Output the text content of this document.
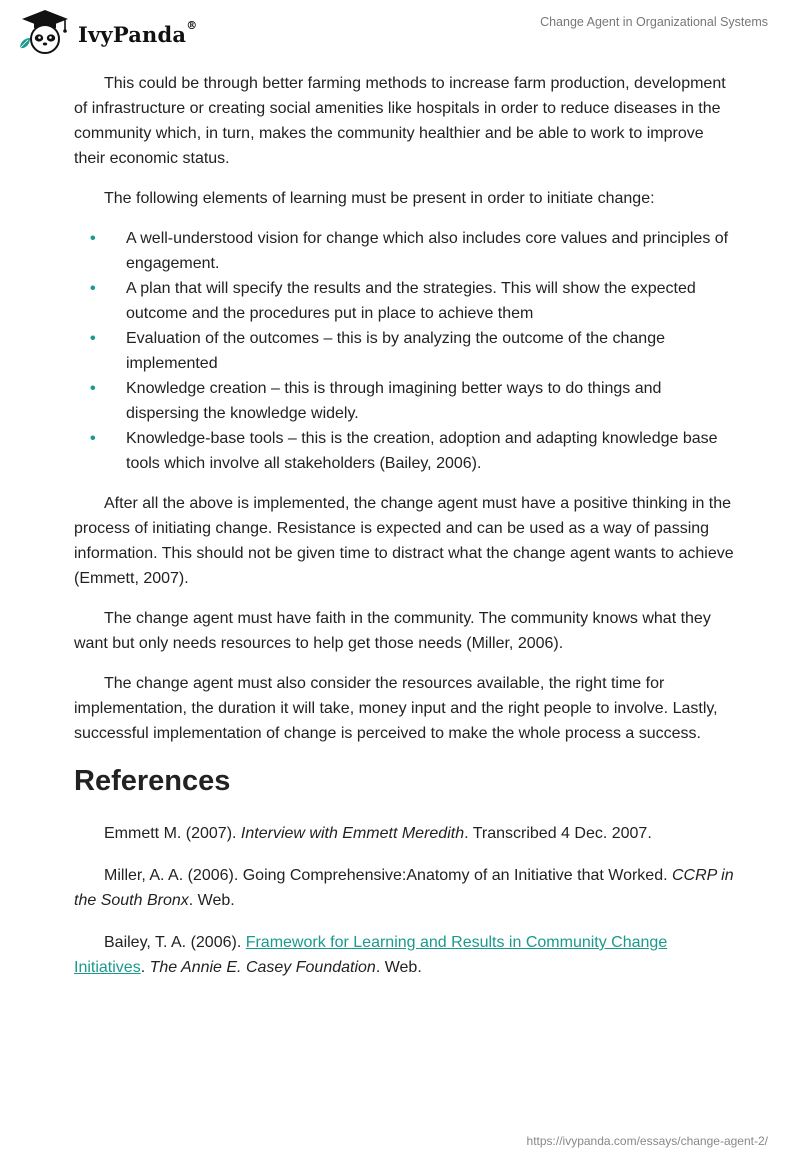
IvyPanda®	Change Agent in Organizational Systems

This could be through better farming methods to increase farm production, development of infrastructure or creating social amenities like hospitals in order to reduce diseases in the community which, in turn, makes the community healthier and be able to work to improve their economic status.

The following elements of learning must be present in order to initiate change:

• A well-understood vision for change which also includes core values and principles of engagement.
• A plan that will specify the results and the strategies. This will show the expected outcome and the procedures put in place to achieve them
• Evaluation of the outcomes – this is by analyzing the outcome of the change implemented
• Knowledge creation – this is through imagining better ways to do things and dispersing the knowledge widely.
• Knowledge-base tools – this is the creation, adoption and adapting knowledge base tools which involve all stakeholders (Bailey, 2006).

After all the above is implemented, the change agent must have a positive thinking in the process of initiating change. Resistance is expected and can be used as a way of passing information. This should not be given time to distract what the change agent wants to achieve (Emmett, 2007).

The change agent must have faith in the community. The community knows what they want but only needs resources to help get those needs (Miller, 2006).

The change agent must also consider the resources available, the right time for implementation, the duration it will take, money input and the right people to involve. Lastly, successful implementation of change is perceived to make the whole process a success.

References

Emmett M. (2007). Interview with Emmett Meredith. Transcribed 4 Dec. 2007.

Miller, A. A. (2006). Going Comprehensive:Anatomy of an Initiative that Worked. CCRP in the South Bronx. Web.

Bailey, T. A. (2006). Framework for Learning and Results in Community Change Initiatives. The Annie E. Casey Foundation. Web.

https://ivypanda.com/essays/change-agent-2/
